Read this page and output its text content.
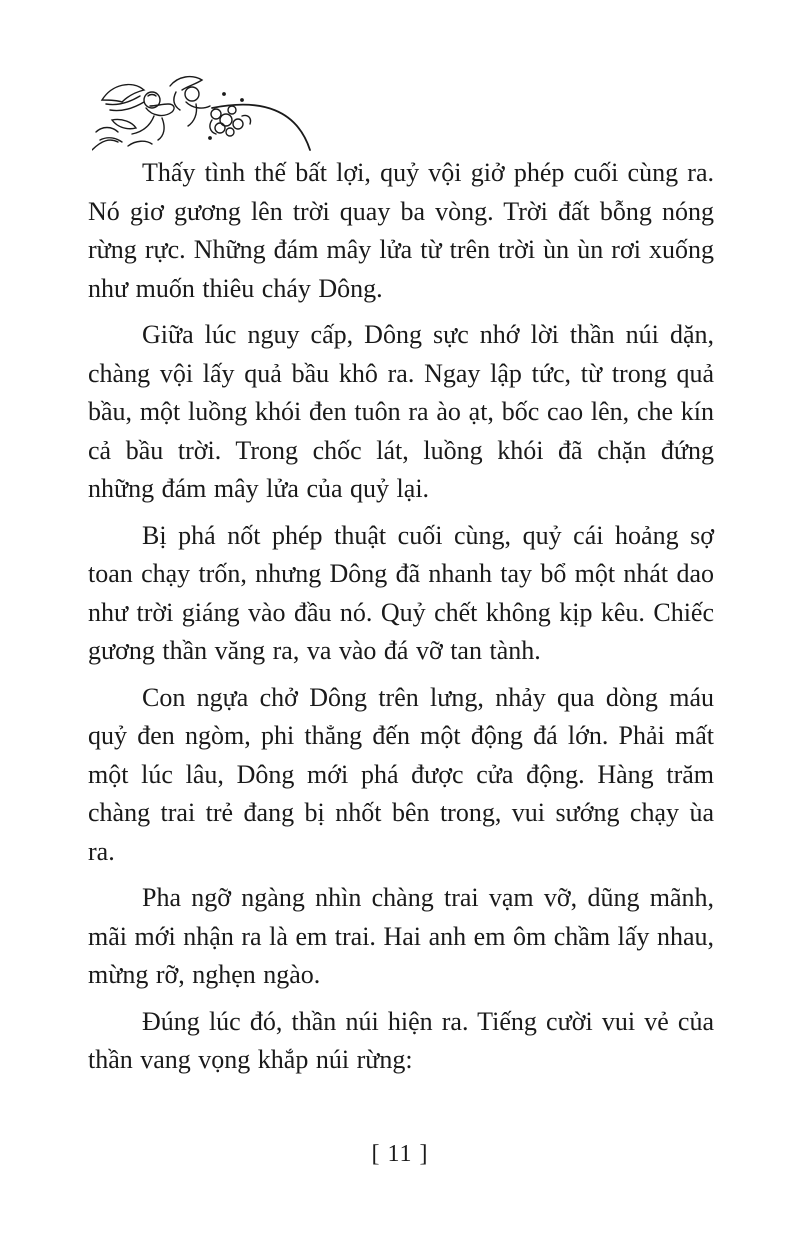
Thấy tình thế bất lợi, quỷ vội giở phép cuối cùng ra. Nó giơ gương lên trời quay ba vòng. Trời đất bỗng nóng rừng rực. Những đám mây lửa từ trên trời ùn ùn rơi xuống như muốn thiêu cháy Dông.

Giữa lúc nguy cấp, Dông sực nhớ lời thần núi dặn, chàng vội lấy quả bầu khô ra. Ngay lập tức, từ trong quả bầu, một luồng khói đen tuôn ra ào ạt, bốc cao lên, che kín cả bầu trời. Trong chốc lát, luồng khói đã chặn đứng những đám mây lửa của quỷ lại.

Bị phá nốt phép thuật cuối cùng, quỷ cái hoảng sợ toan chạy trốn, nhưng Dông đã nhanh tay bổ một nhát dao như trời giáng vào đầu nó. Quỷ chết không kịp kêu. Chiếc gương thần văng ra, va vào đá vỡ tan tành.

Con ngựa chở Dông trên lưng, nhảy qua dòng máu quỷ đen ngòm, phi thẳng đến một động đá lớn. Phải mất một lúc lâu, Dông mới phá được cửa động. Hàng trăm chàng trai trẻ đang bị nhốt bên trong, vui sướng chạy ùa ra.

Pha ngỡ ngàng nhìn chàng trai vạm vỡ, dũng mãnh, mãi mới nhận ra là em trai. Hai anh em ôm chầm lấy nhau, mừng rỡ, nghẹn ngào.

Đúng lúc đó, thần núi hiện ra. Tiếng cười vui vẻ của thần vang vọng khắp núi rừng:

[ 11 ]
